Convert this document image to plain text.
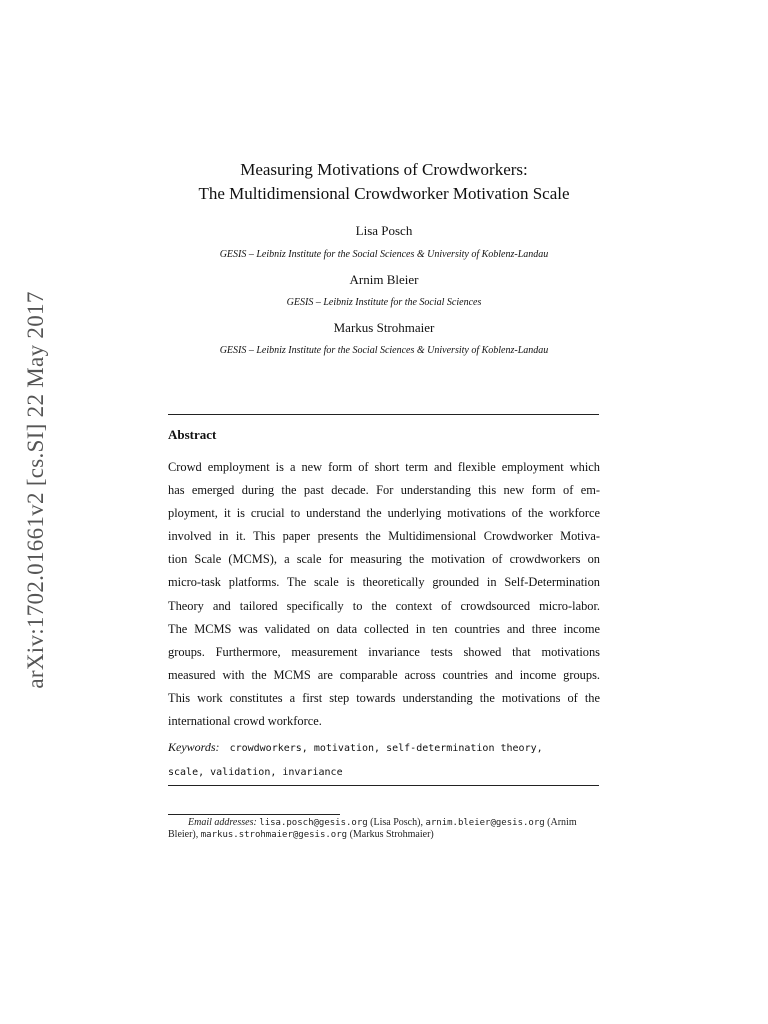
arXiv:1702.01661v2 [cs.SI] 22 May 2017
Measuring Motivations of Crowdworkers:
The Multidimensional Crowdworker Motivation Scale
Lisa Posch
GESIS – Leibniz Institute for the Social Sciences & University of Koblenz-Landau
Arnim Bleier
GESIS – Leibniz Institute for the Social Sciences
Markus Strohmaier
GESIS – Leibniz Institute for the Social Sciences & University of Koblenz-Landau
Abstract
Crowd employment is a new form of short term and flexible employment which
has emerged during the past decade. For understanding this new form of em-
ployment, it is crucial to understand the underlying motivations of the workforce
involved in it. This paper presents the Multidimensional Crowdworker Motiva-
tion Scale (MCMS), a scale for measuring the motivation of crowdworkers on
micro-task platforms. The scale is theoretically grounded in Self-Determination
Theory and tailored specifically to the context of crowdsourced micro-labor.
The MCMS was validated on data collected in ten countries and three income
groups. Furthermore, measurement invariance tests showed that motivations
measured with the MCMS are comparable across countries and income groups.
This work constitutes a first step towards understanding the motivations of the
international crowd workforce.
Keywords: crowdworkers, motivation, self-determination theory,
scale, validation, invariance
Email addresses: lisa.posch@gesis.org (Lisa Posch), arnim.bleier@gesis.org (Arnim
Bleier), markus.strohmaier@gesis.org (Markus Strohmaier)
